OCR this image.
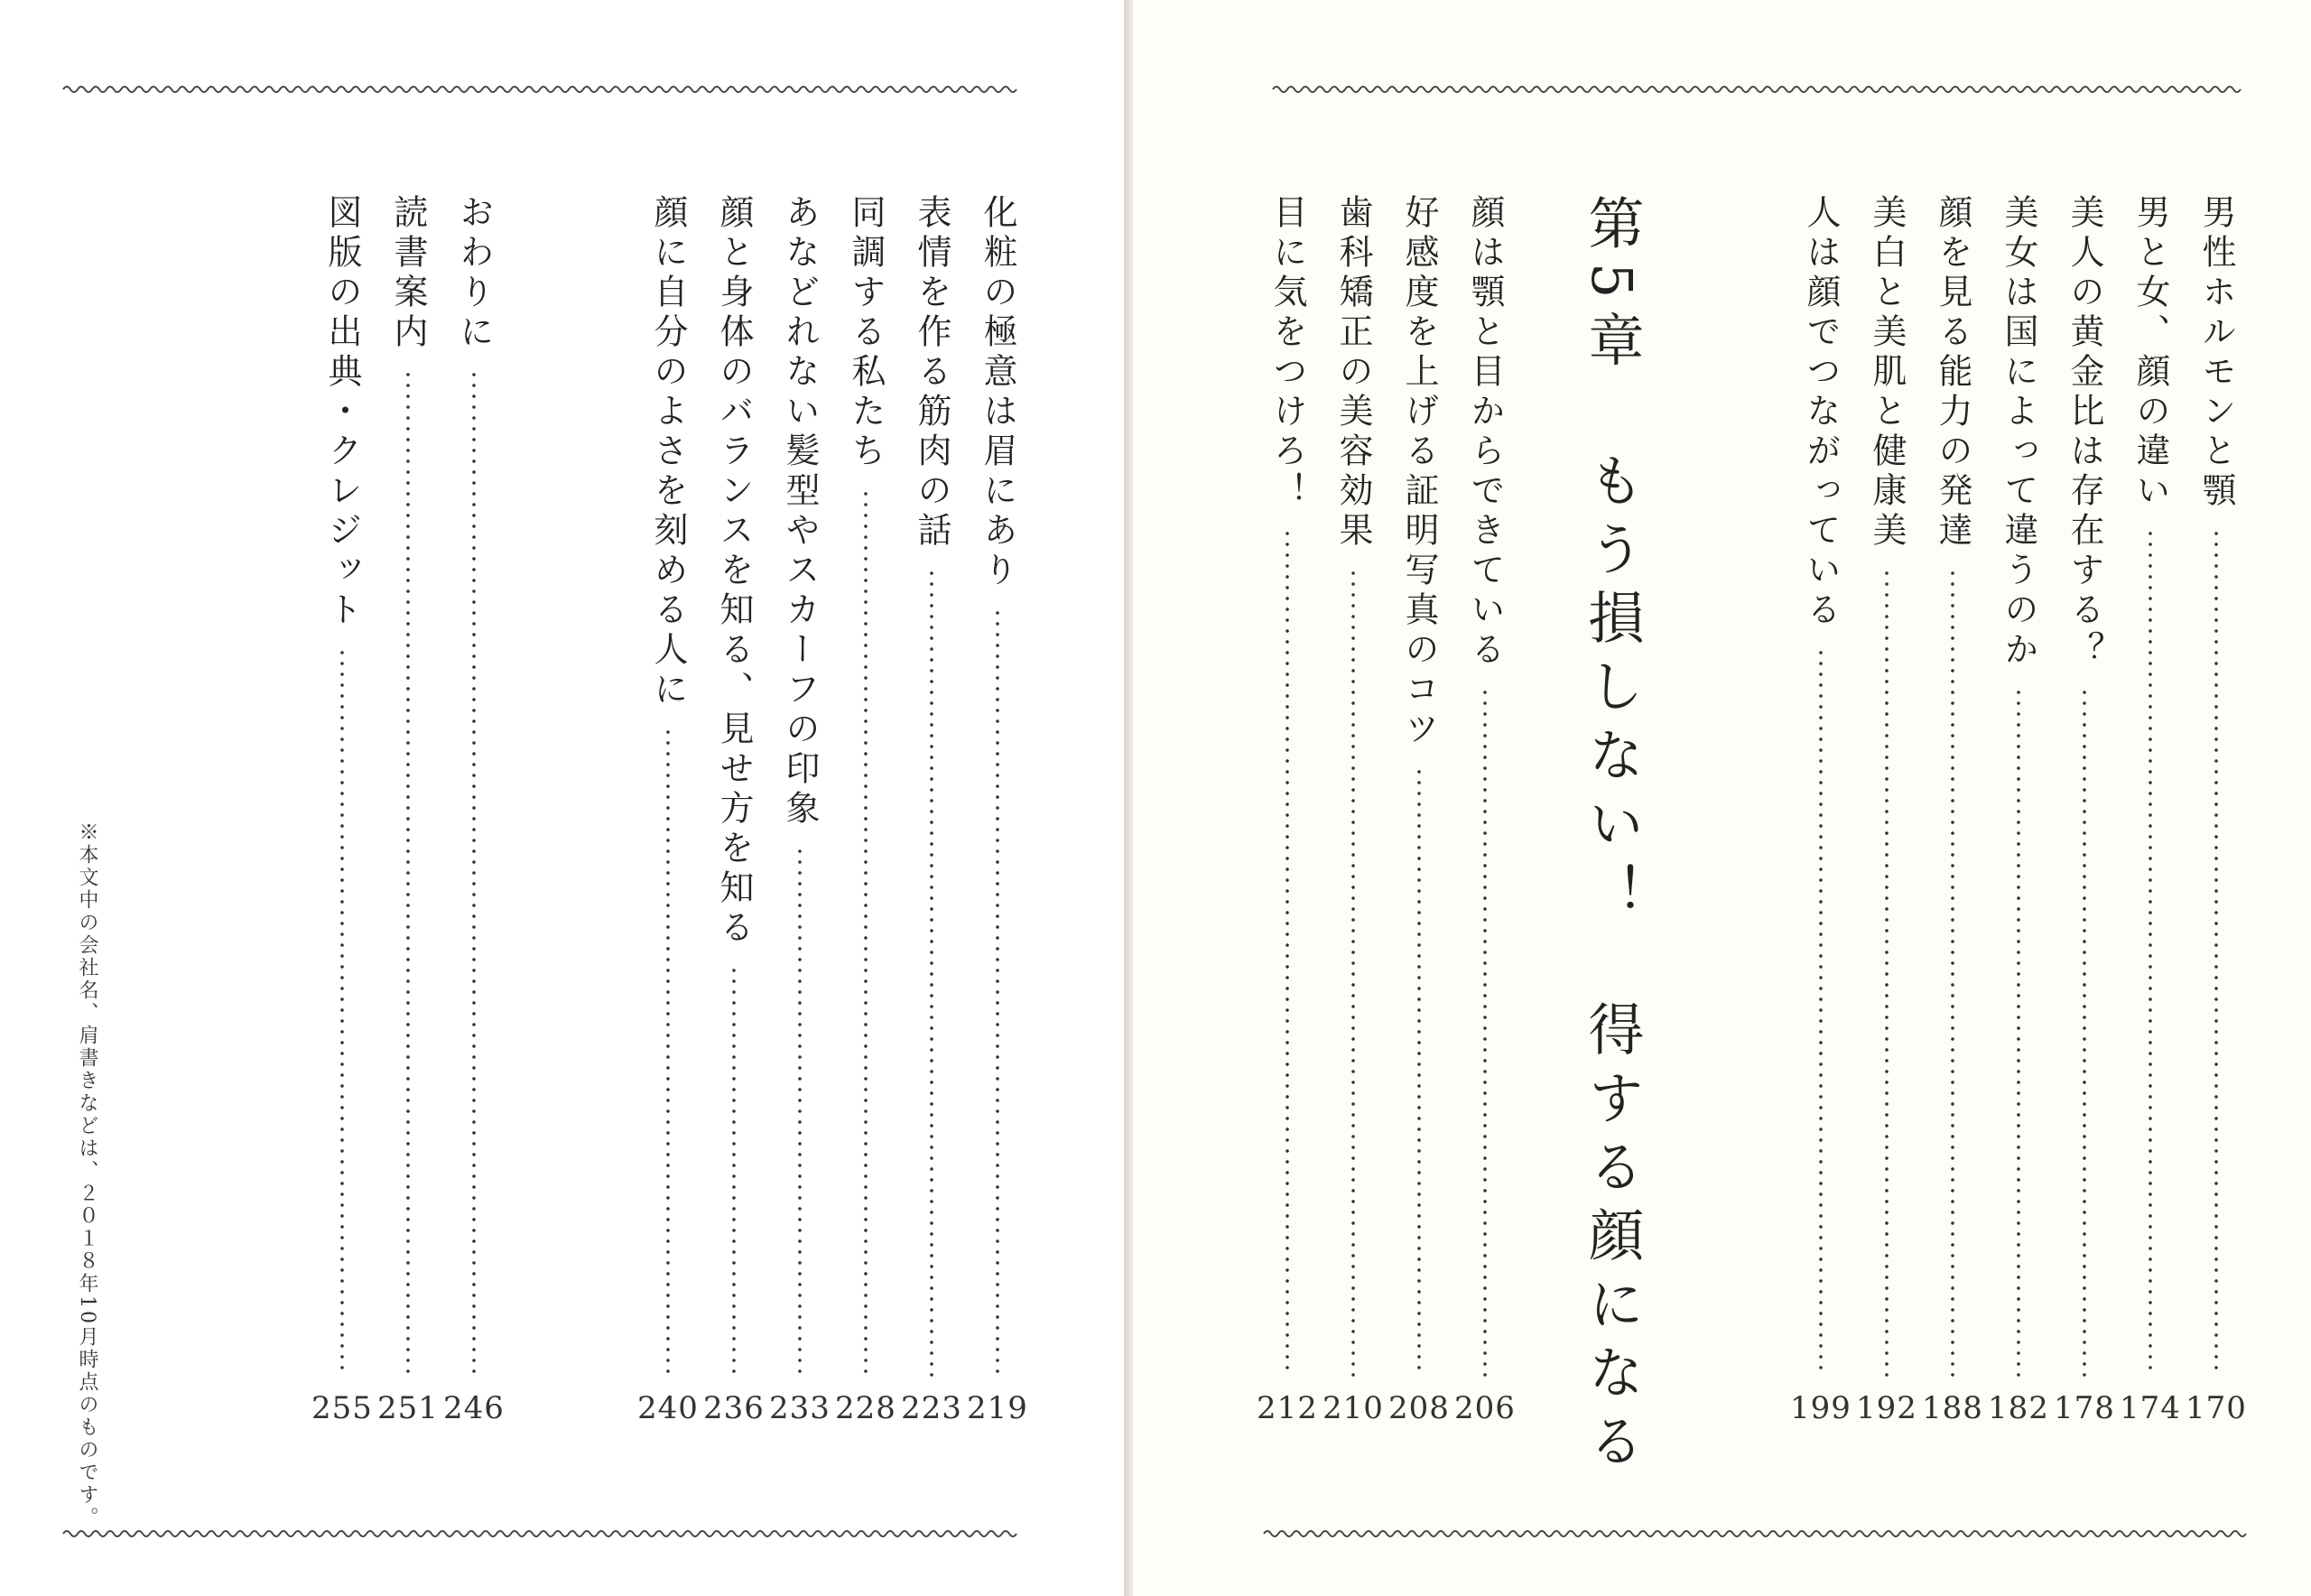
化粧の極意は眉にあり
219
表情を作る筋肉の話
223
同調する私たち
228
あなどれない髪型やスカーフの印象
233
顔と身体のバランスを知る、見せ方を知る
236
顔に自分のよさを刻める人に
240
おわりに
246
読書案内
251
図版の出典・クレジット
255
※本文中の会社名、肩書きなどは、２０１８年10月時点のものです。
男性ホルモンと顎
170
男と女、顔の違い
174
美人の黄金比は存在する？
178
美女は国によって違うのか
182
顔を見る能力の発達
188
美白と美肌と健康美
192
人は顔でつながっている
199
第5章
もう損しない！　得する顔になる
顔は顎と目からできている
206
好感度を上げる証明写真のコツ
208
歯科矯正の美容効果
210
目に気をつけろ！
212
